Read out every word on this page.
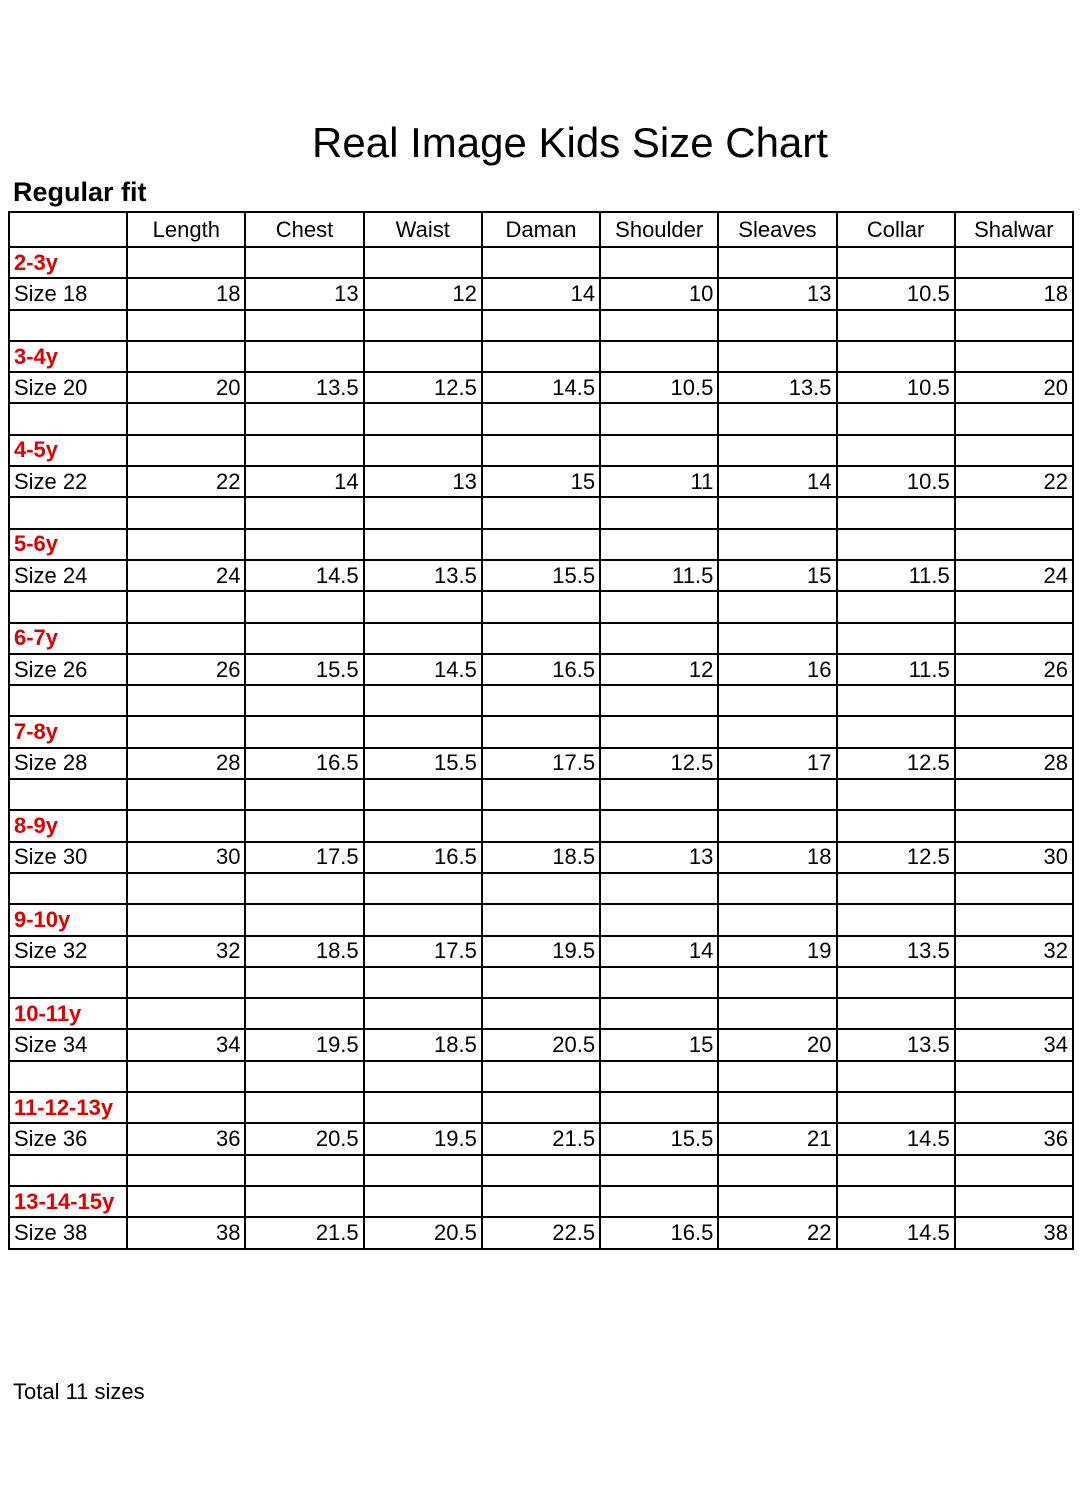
Real Image Kids Size Chart
Regular fit
	Length	Chest	Waist	Daman	Shoulder	Sleaves	Collar	Shalwar
2-3y								
Size 18	18	13	12	14	10	13	10.5	18

3-4y								
Size 20	20	13.5	12.5	14.5	10.5	13.5	10.5	20

4-5y								
Size 22	22	14	13	15	11	14	10.5	22

5-6y								
Size 24	24	14.5	13.5	15.5	11.5	15	11.5	24

6-7y								
Size 26	26	15.5	14.5	16.5	12	16	11.5	26

7-8y								
Size 28	28	16.5	15.5	17.5	12.5	17	12.5	28

8-9y								
Size 30	30	17.5	16.5	18.5	13	18	12.5	30

9-10y								
Size 32	32	18.5	17.5	19.5	14	19	13.5	32

10-11y								
Size 34	34	19.5	18.5	20.5	15	20	13.5	34

11-12-13y								
Size 36	36	20.5	19.5	21.5	15.5	21	14.5	36

13-14-15y								
Size 38	38	21.5	20.5	22.5	16.5	22	14.5	38
Total 11 sizes
